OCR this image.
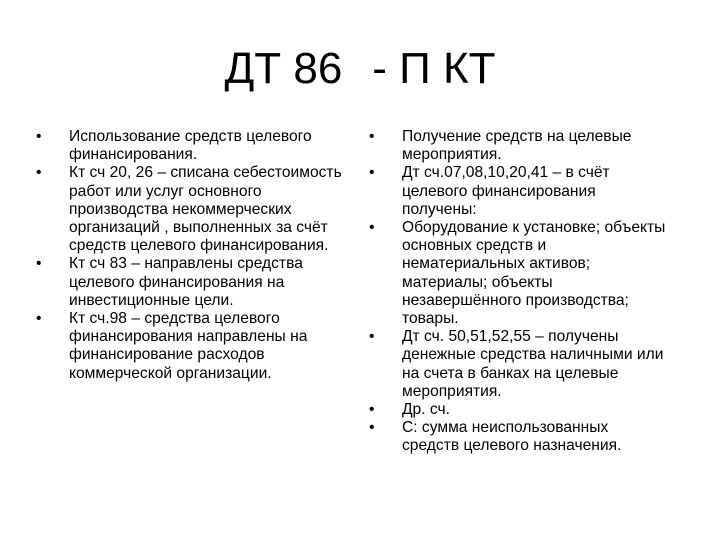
ДТ 86 - П КТ
•	Использование средств целевого финансирования.
•	Кт сч 20, 26 – списана себестоимость работ или услуг основного производства некоммерческих организаций , выполненных за счёт средств целевого финансирования.
•	Кт сч 83 – направлены средства целевого финансирования на инвестиционные цели.
•	Кт сч.98 – средства целевого финансирования направлены на финансирование расходов коммерческой организации.
•	Получение средств на целевые мероприятия.
•	Дт сч.07,08,10,20,41 – в счёт целевого финансирования получены:
•	Оборудование к установке; объекты основных средств и нематериальных активов; материалы; объекты незавершённого производства; товары.
•	Дт сч. 50,51,52,55 – получены денежные средства наличными или на счета в банках на целевые мероприятия.
•	Др. сч.
•	С: сумма неиспользованных средств целевого назначения.
